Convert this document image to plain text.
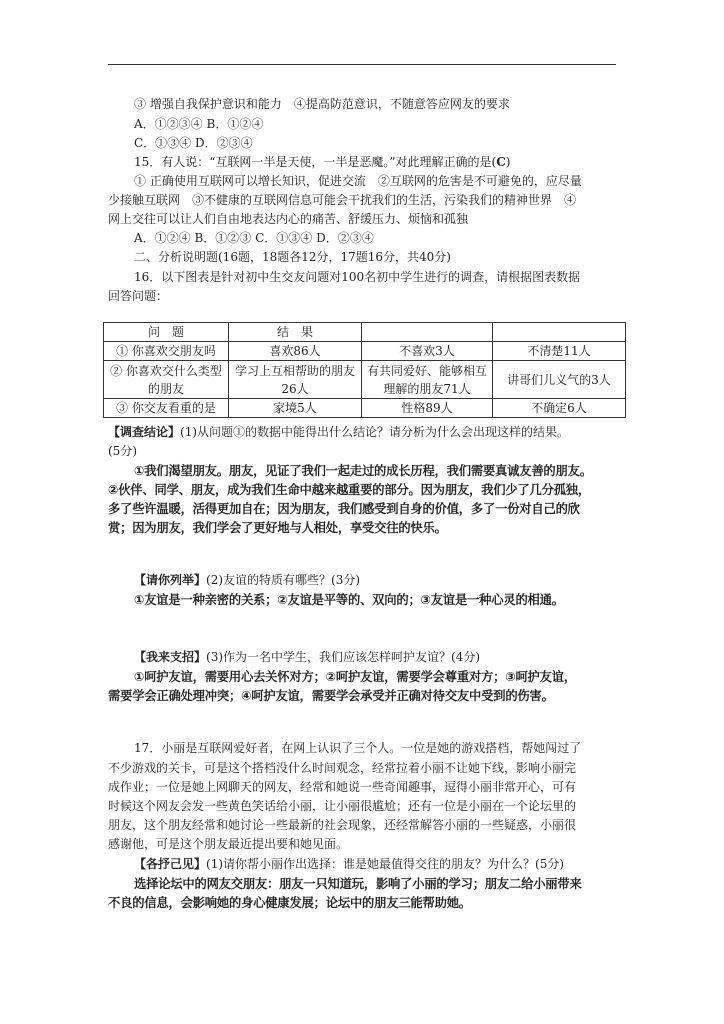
③ 增强自我保护意识和能力　④提高防范意识，不随意答应网友的要求

A．①②③④ B．①②④

C．①③④ D．②③④

15．有人说：“互联网一半是天使，一半是恶魔。”对此理解正确的是(C)

① 正确使用互联网可以增长知识，促进交流　②互联网的危害是不可避免的，应尽量

少接触互联网　③不健康的互联网信息可能会干扰我们的生活，污染我们的精神世界　④

网上交往可以让人们自由地表达内心的痛苦、舒缓压力、烦恼和孤独

A．①②④ B．①②③ C．①③④ D．②③④

二、分析说明题(16题，18题各12分，17题16分，共40分)

16．以下图表是针对初中生交友问题对100名初中学生进行的调查，请根据图表数据

回答问题：

问　题	结　果		
① 你喜欢交朋友吗	喜欢86人	不喜欢3人	不清楚11人
② 你喜欢交什么类型的朋友	学习上互相帮助的朋友26人	有共同爱好、能够相互理解的朋友71人	讲哥们儿义气的3人
③ 你交友看重的是	家境5人	性格89人	不确定6人

【调查结论】(1)从问题①的数据中能得出什么结论？请分析为什么会出现这样的结果。

(5分)

①我们渴望朋友。朋友，见证了我们一起走过的成长历程，我们需要真诚友善的朋友。

②伙伴、同学、朋友，成为我们生命中越来越重要的部分。因为朋友，我们少了几分孤独，

多了些许温暖，活得更加自在；因为朋友，我们感受到自身的价值，多了一份对自己的欣

赏；因为朋友，我们学会了更好地与人相处，享受交往的快乐。

【请你列举】(2)友谊的特质有哪些？(3分)

①友谊是一种亲密的关系；②友谊是平等的、双向的；③友谊是一种心灵的相通。

【我来支招】(3)作为一名中学生，我们应该怎样呵护友谊？(4分)

①呵护友谊，需要用心去关怀对方；②呵护友谊，需要学会尊重对方；③呵护友谊，

需要学会正确处理冲突；④呵护友谊，需要学会承受并正确对待交友中受到的伤害。

17．小丽是互联网爱好者，在网上认识了三个人。一位是她的游戏搭档，帮她闯过了

不少游戏的关卡，可是这个搭档没什么时间观念，经常拉着小丽不让她下线，影响小丽完

成作业；一位是她上网聊天的网友，经常和她说一些奇闻趣事，逗得小丽非常开心，可有

时候这个网友会发一些黄色笑话给小丽，让小丽很尴尬；还有一位是小丽在一个论坛里的

朋友，这个朋友经常和她讨论一些最新的社会现象，还经常解答小丽的一些疑惑，小丽很

感谢他，可是这个朋友最近提出要和她见面。

【各抒己见】(1)请你帮小丽作出选择：谁是她最值得交往的朋友？为什么？(5分)

选择论坛中的网友交朋友：朋友一只知道玩，影响了小丽的学习；朋友二给小丽带来

不良的信息，会影响她的身心健康发展；论坛中的朋友三能帮助她。
